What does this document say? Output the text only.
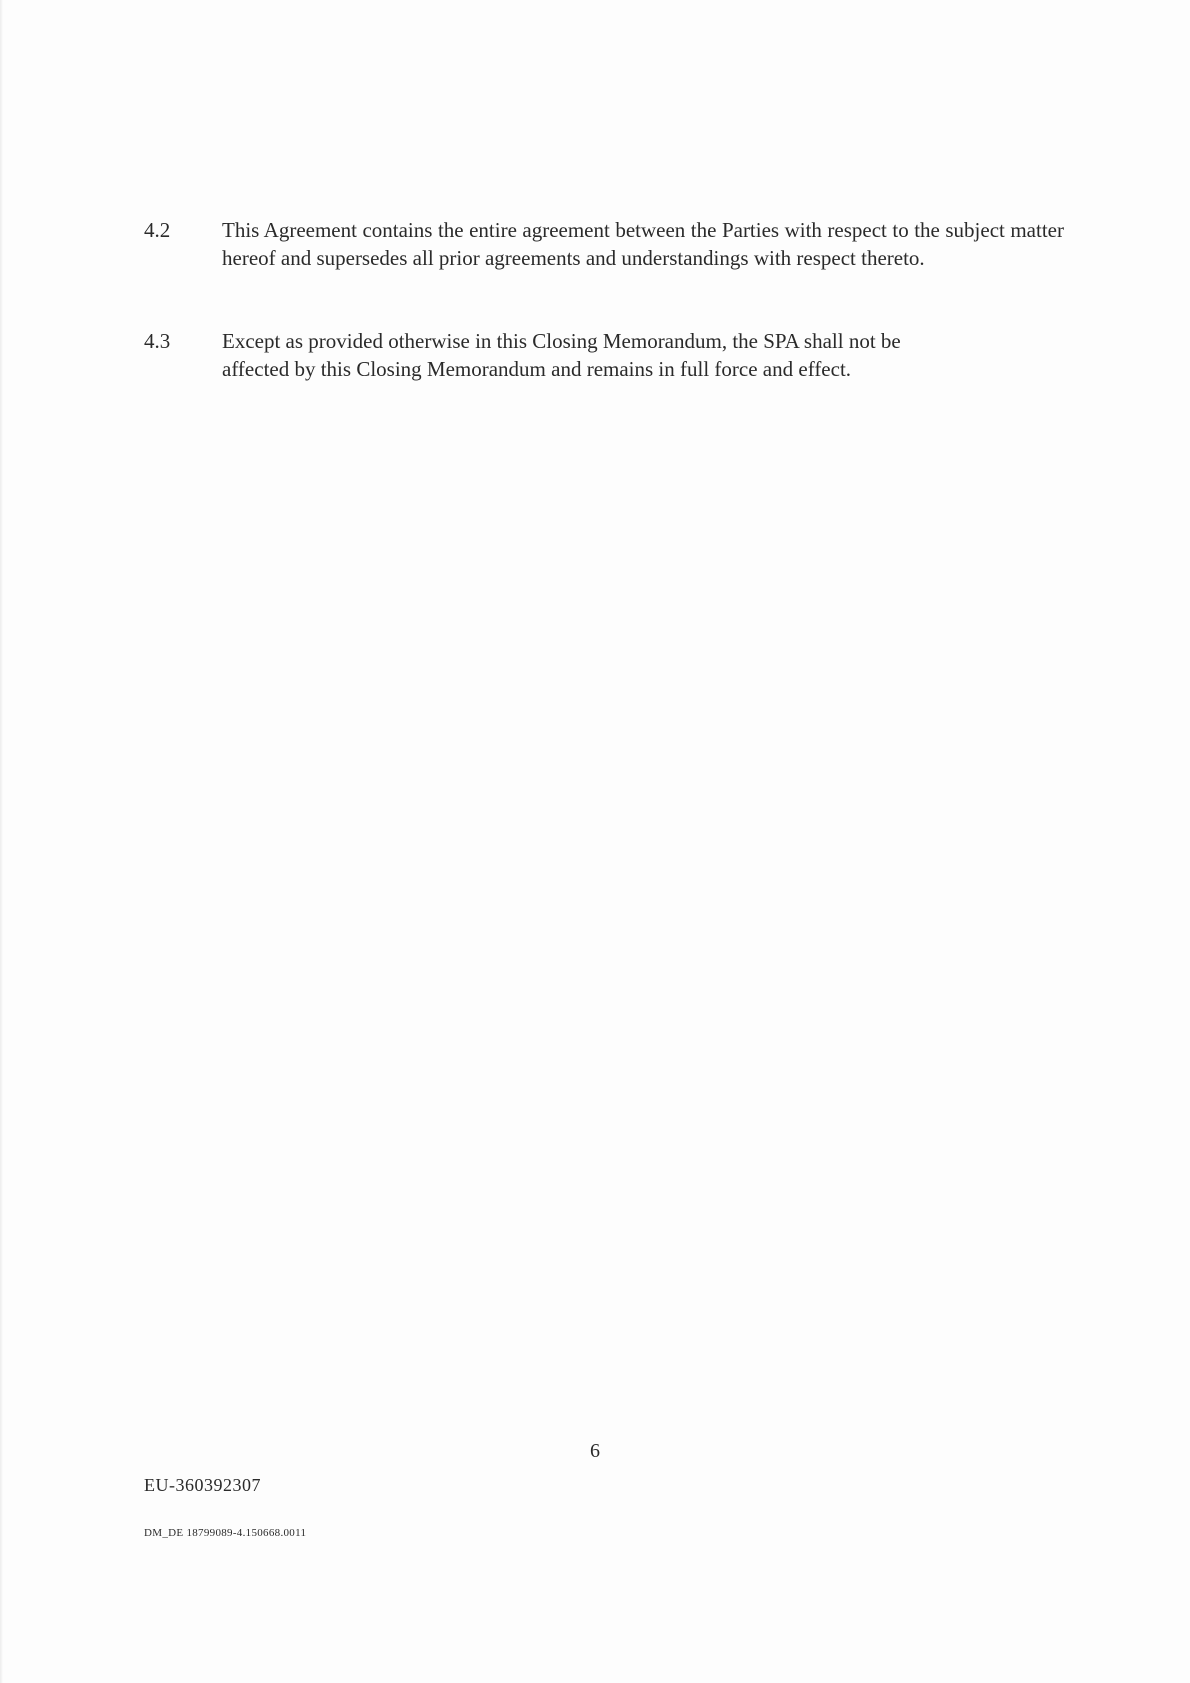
4.2	This Agreement contains the entire agreement between the Parties with respect to the subject matter hereof and supersedes all prior agreements and understandings with respect thereto.
4.3	Except as provided otherwise in this Closing Memorandum, the SPA shall not be
affected by this Closing Memorandum and remains in full force and effect.
6
EU-360392307
DM_DE 18799089-4.150668.0011
